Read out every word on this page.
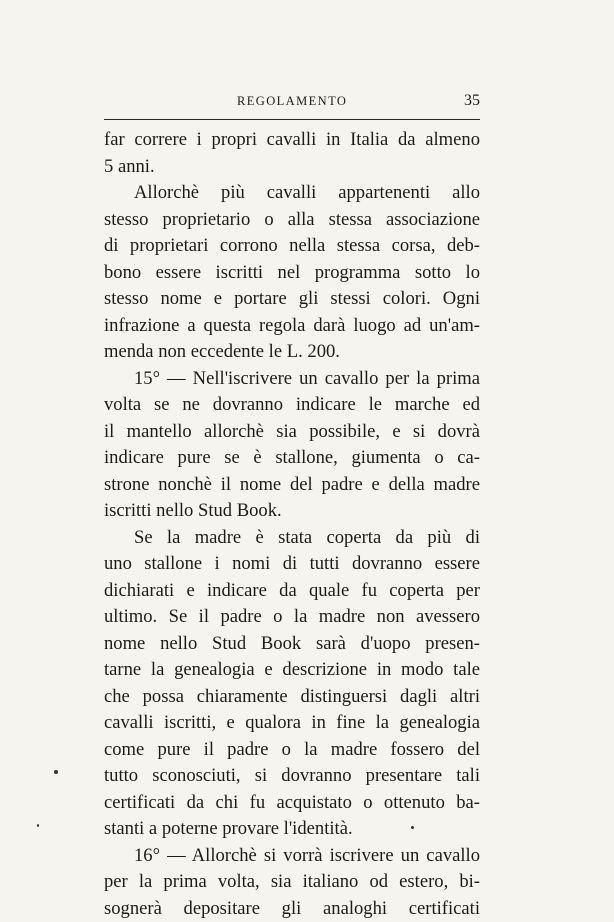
REGOLAMENTO	35
far correre i propri cavalli in Italia da almeno
5 anni.
Allorchè più cavalli appartenenti allo
stesso proprietario o alla stessa associazione
di proprietari corrono nella stessa corsa, deb-
bono essere iscritti nel programma sotto lo
stesso nome e portare gli stessi colori. Ogni
infrazione a questa regola darà luogo ad un'am-
menda non eccedente le L. 200.
15° — Nell'iscrivere un cavallo per la prima
volta se ne dovranno indicare le marche ed
il mantello allorchè sia possibile, e si dovrà
indicare pure se è stallone, giumenta o ca-
strone nonchè il nome del padre e della madre
iscritti nello Stud Book.
Se la madre è stata coperta da più di
uno stallone i nomi di tutti dovranno essere
dichiarati e indicare da quale fu coperta per
ultimo. Se il padre o la madre non avessero
nome nello Stud Book sarà d'uopo presen-
tarne la genealogia e descrizione in modo tale
che possa chiaramente distinguersi dagli altri
cavalli iscritti, e qualora in fine la genealogia
come pure il padre o la madre fossero del
tutto sconosciuti, si dovranno presentare tali
certificati da chi fu acquistato o ottenuto ba-
stanti a poterne provare l'identità.
16° — Allorchè si vorrà iscrivere un cavallo
per la prima volta, sia italiano od estero, bi-
sognerà depositare gli analoghi certificati
